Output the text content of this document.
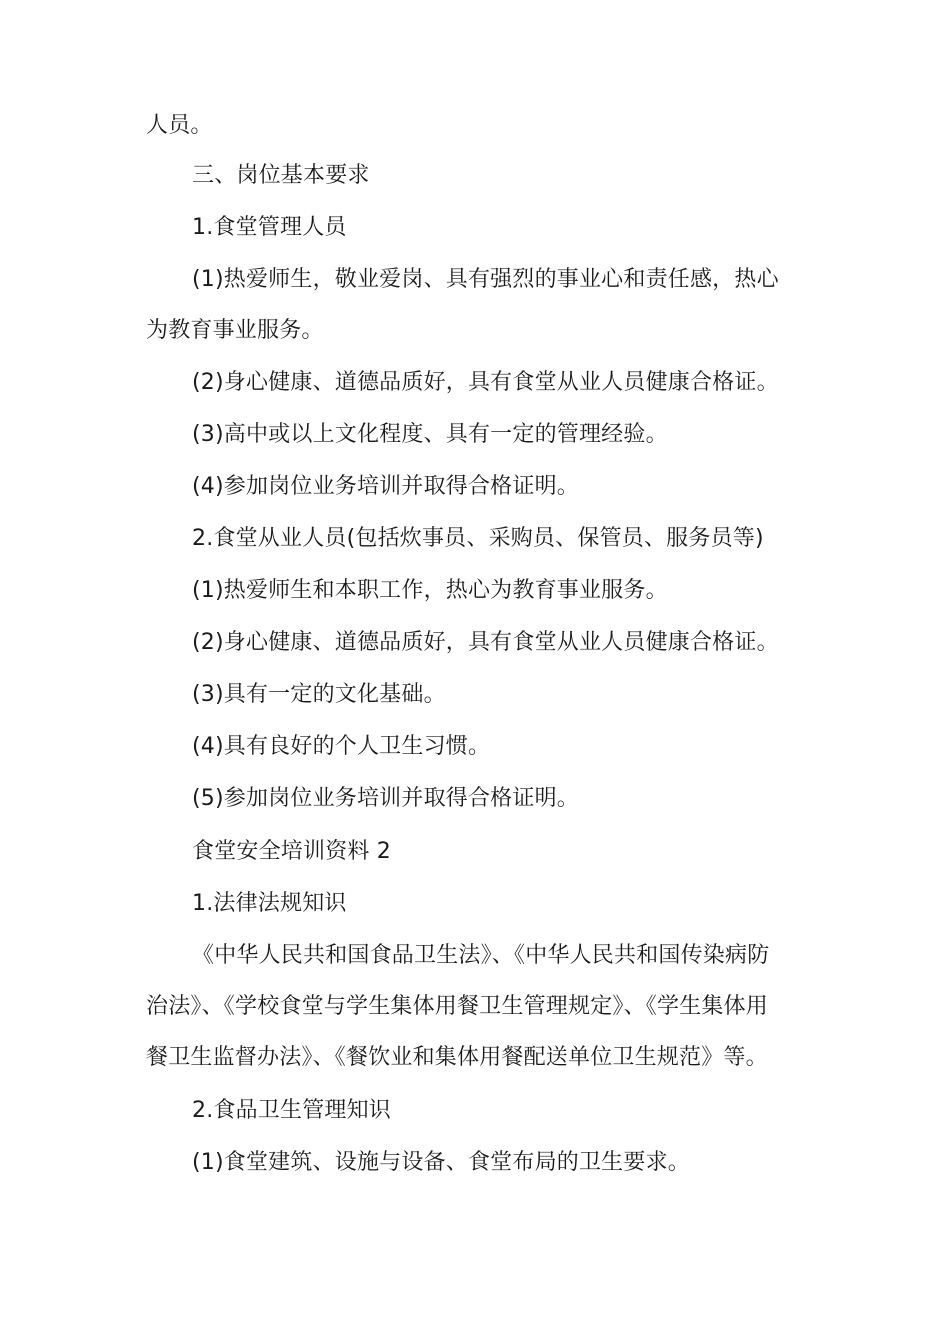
人员。
三、岗位基本要求
1.食堂管理人员
(1)热爱师生，敬业爱岗、具有强烈的事业心和责任感，热心
为教育事业服务。
(2)身心健康、道德品质好，具有食堂从业人员健康合格证。
(3)高中或以上文化程度、具有一定的管理经验。
(4)参加岗位业务培训并取得合格证明。
2.食堂从业人员(包括炊事员、采购员、保管员、服务员等)
(1)热爱师生和本职工作，热心为教育事业服务。
(2)身心健康、道德品质好，具有食堂从业人员健康合格证。
(3)具有一定的文化基础。
(4)具有良好的个人卫生习惯。
(5)参加岗位业务培训并取得合格证明。
食堂安全培训资料 2
1.法律法规知识
《中华人民共和国食品卫生法》、《中华人民共和国传染病防
治法》、《学校食堂与学生集体用餐卫生管理规定》、《学生集体用
餐卫生监督办法》、《餐饮业和集体用餐配送单位卫生规范》等。
2.食品卫生管理知识
(1)食堂建筑、设施与设备、食堂布局的卫生要求。
